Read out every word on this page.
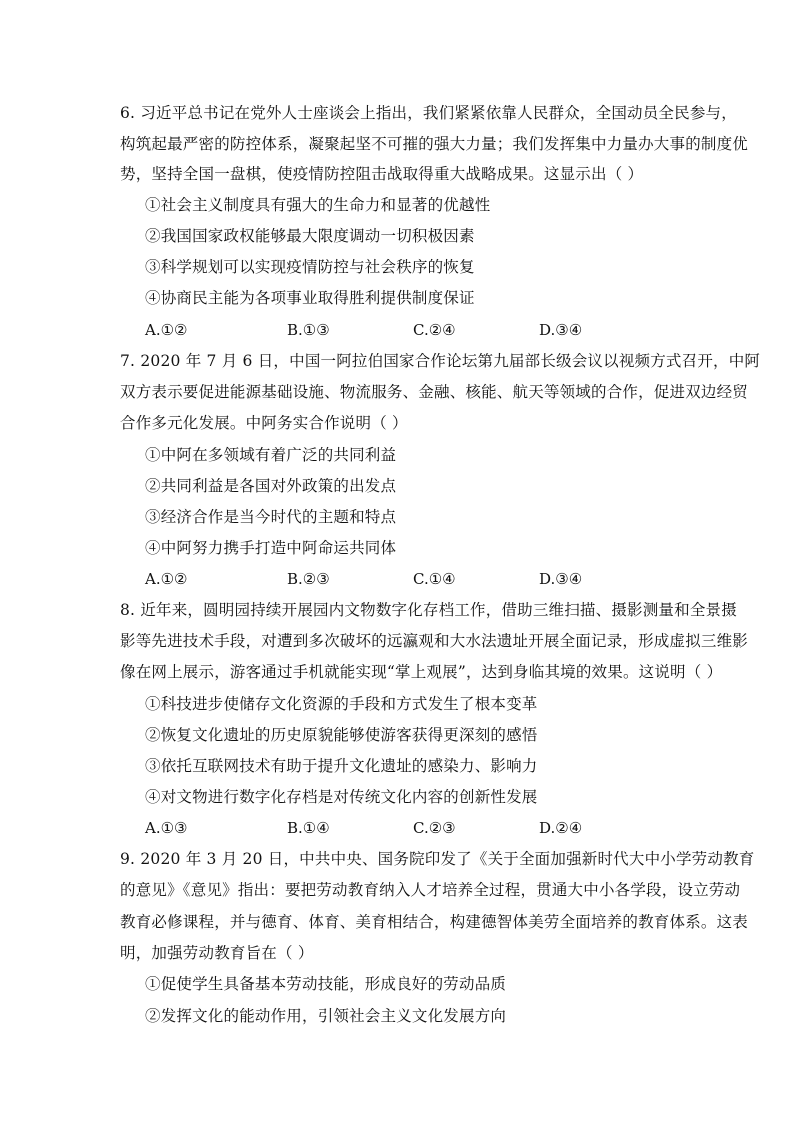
6. 习近平总书记在党外人士座谈会上指出，我们紧紧依靠人民群众，全国动员全民参与，
构筑起最严密的防控体系，凝聚起坚不可摧的强大力量；我们发挥集中力量办大事的制度优
势，坚持全国一盘棋，使疫情防控阻击战取得重大战略成果。这显示出（ ）
①社会主义制度具有强大的生命力和显著的优越性
②我国国家政权能够最大限度调动一切积极因素
③科学规划可以实现疫情防控与社会秩序的恢复
④协商民主能为各项事业取得胜利提供制度保证
A.①②	B.①③	C.②④	D.③④
7. 2020 年 7 月 6 日，中国一阿拉伯国家合作论坛第九届部长级会议以视频方式召开，中阿
双方表示要促进能源基础设施、物流服务、金融、核能、航天等领域的合作，促进双边经贸
合作多元化发展。中阿务实合作说明（ ）
①中阿在多领域有着广泛的共同利益
②共同利益是各国对外政策的出发点
③经济合作是当今时代的主题和特点
④中阿努力携手打造中阿命运共同体
A.①②	B.②③	C.①④	D.③④
8. 近年来，圆明园持续开展园内文物数字化存档工作，借助三维扫描、摄影测量和全景摄
影等先进技术手段，对遭到多次破坏的远瀛观和大水法遗址开展全面记录，形成虚拟三维影
像在网上展示，游客通过手机就能实现“掌上观展”，达到身临其境的效果。这说明（ ）
①科技进步使储存文化资源的手段和方式发生了根本变革
②恢复文化遗址的历史原貌能够使游客获得更深刻的感悟
③依托互联网技术有助于提升文化遗址的感染力、影响力
④对文物进行数字化存档是对传统文化内容的创新性发展
A.①③	B.①④	C.②③	D.②④
9. 2020 年 3 月 20 日，中共中央、国务院印发了《关于全面加强新时代大中小学劳动教育
的意见》《意见》指出：要把劳动教育纳入人才培养全过程，贯通大中小各学段，设立劳动
教育必修课程，并与德育、体育、美育相结合，构建德智体美劳全面培养的教育体系。这表
明，加强劳动教育旨在（ ）
①促使学生具备基本劳动技能，形成良好的劳动品质
②发挥文化的能动作用，引领社会主义文化发展方向
